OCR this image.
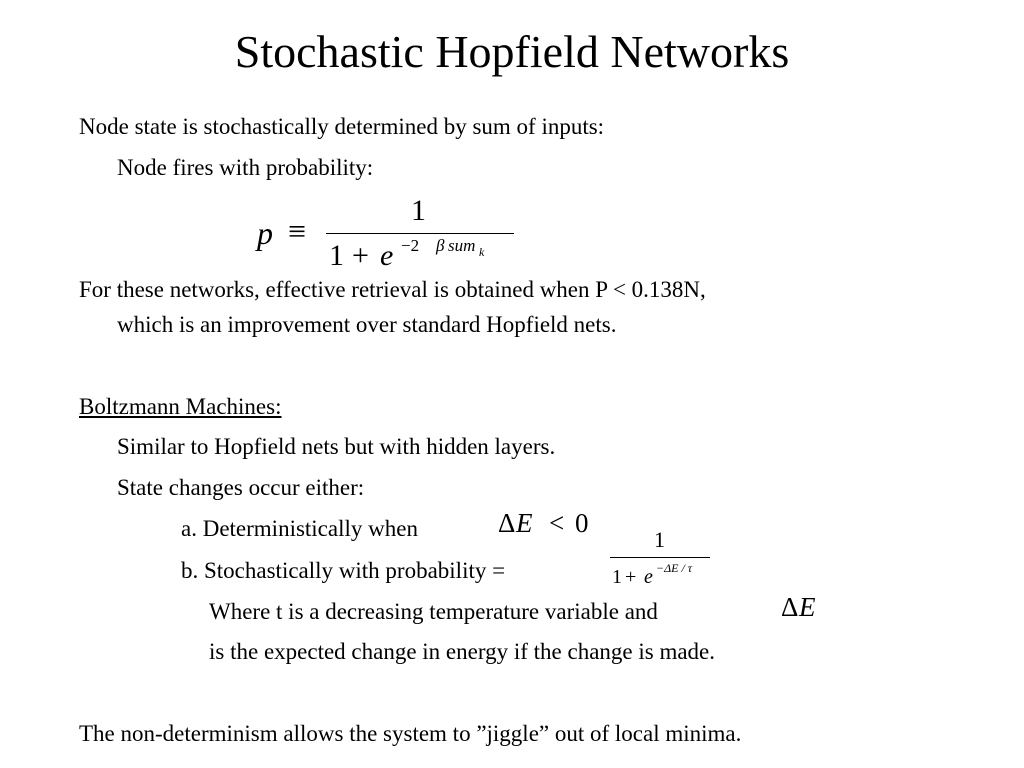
Stochastic Hopfield Networks
Node state is stochastically determined by sum of inputs:
Node fires with probability:
p ≡
1
1 + e −2 β sum k
For these networks, effective retrieval is obtained when P < 0.138N,
which is an improvement over standard Hopfield nets.
Boltzmann Machines:
Similar to Hopfield nets but with hidden layers.
State changes occur either:
a. Deterministically when	Δ E < 0
b. Stochastically with probability =
1
1 + e −ΔE / τ
Where t is a decreasing temperature variable and	Δ E
is the expected change in energy if the change is made.
The non-determinism allows the system to ”jiggle” out of local minima.
